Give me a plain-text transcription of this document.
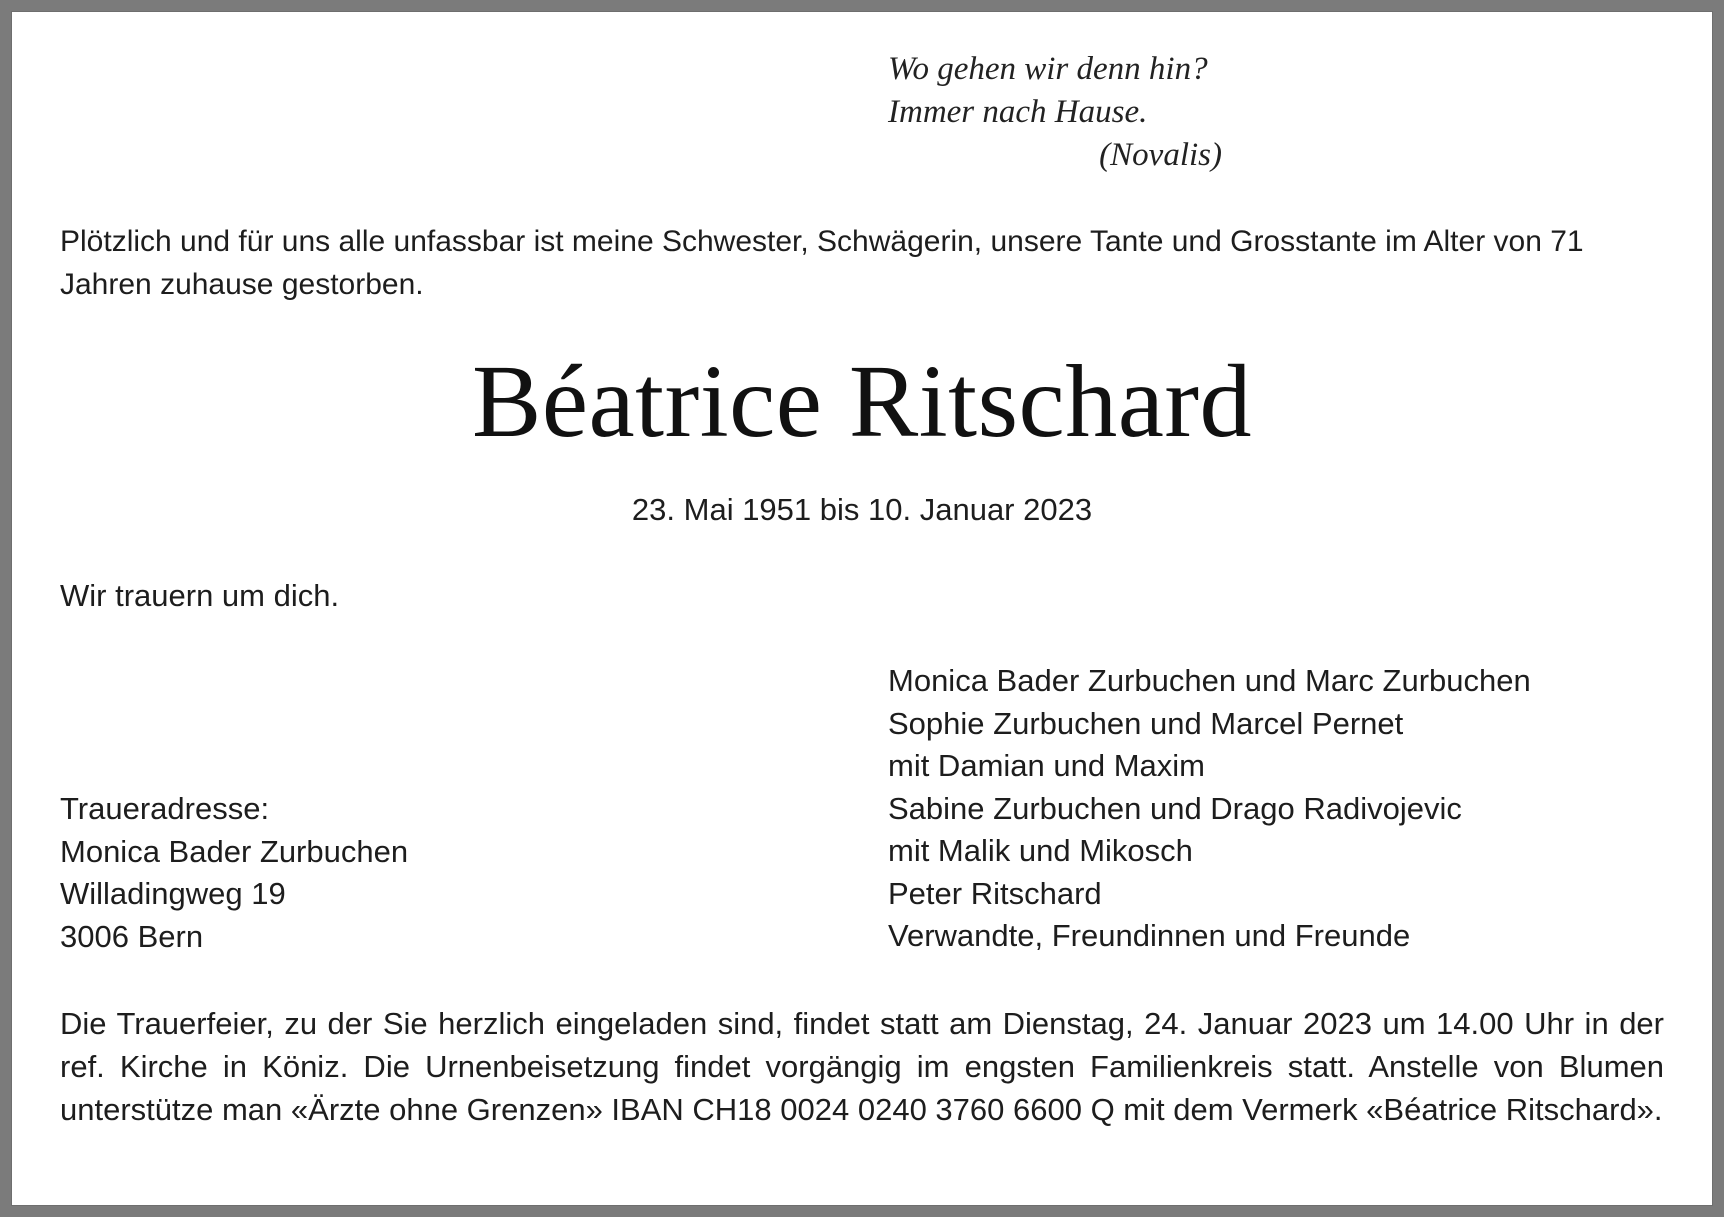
Wo gehen wir denn hin?
Immer nach Hause.
(Novalis)
Plötzlich und für uns alle unfassbar ist meine Schwester, Schwägerin, unsere Tante und Grosstante im Alter von 71 Jahren zuhause gestorben.
Béatrice Ritschard
23. Mai 1951 bis 10. Januar 2023
Wir trauern um dich.
Monica Bader Zurbuchen und Marc Zurbuchen
Sophie Zurbuchen und Marcel Pernet
mit Damian und Maxim
Sabine Zurbuchen und Drago Radivojevic
mit Malik und Mikosch
Peter Ritschard
Verwandte, Freundinnen und Freunde
Traueradresse:
Monica Bader Zurbuchen
Willadingweg 19
3006 Bern
Die Trauerfeier, zu der Sie herzlich eingeladen sind, findet statt am Dienstag, 24. Januar 2023 um 14.00 Uhr in der ref. Kirche in Köniz. Die Urnenbeisetzung findet vorgängig im engsten Familienkreis statt. Anstelle von Blumen unterstütze man «Ärzte ohne Grenzen» IBAN CH18 0024 0240 3760 6600 Q mit dem Vermerk «Béatrice Ritschard».
